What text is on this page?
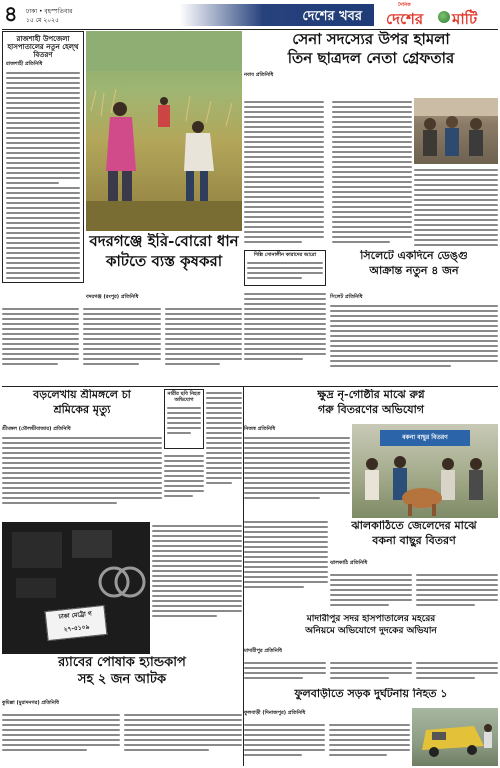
৪	ঢাকা • বৃহস্পতিবার
১৫ মে ২০২৫	দেশের খবর
দৈনিক
দেশের মাটি
রাজশাহী উপজেলা হাসপাতালের নতুন হেল্থ বিতরণ
রাজশাহী প্রতিনিধি
সেনা সদস্যের উপর হামলা
তিন ছাত্রদল নেতা গ্রেফতার
নবাব প্রতিনিধি
বদরগঞ্জে ইরি-বোরো ধান
কাটতে ব্যস্ত কৃষকরা	দিল্লি সোনালীন কারাদের আরো	সিলেটে একদিনে ডেঙ্গু
আক্রান্ত নতুন ৪ জন
সিলেট প্রতিনিধি
বদরগঞ্জ (রংপুর) প্রতিনিধি
বড়লেখায় শ্রীমঙ্গলে চা
শ্রমিকের মৃত্যু
শ্রীমঙ্গল (মৌলভীবাজার) প্রতিনিধি
নারীর ছবি নিহত অভিযোগ	ক্ষুদ্র নৃ-গোষ্ঠীর মাঝে রুগ্ন
গরু বিতরণের অভিযোগ
নিজস্ব প্রতিনিধি
বকনা বাছুর বিতরণ
ঝালকাঠিতে জেলেদের মাঝে
বকনা বাছুর বিতরণ
ঝালকাঠি প্রতিনিধি
ঢাকা মেট্রো গ
২৭-৫১০৯
মাদারীপুর সদর হাসপাতালের মহরের
অনিয়মে অভিযোগে দুদকের অভিযান
মাদারীপুর প্রতিনিধি
র‍্যাবের পোষাক হ্যান্ডকাপ
সহ ২ জন আটক
কুমিল্লা (মুরাদনগর) প্রতিনিধি
ফুলবাড়ীতে সড়ক দুর্ঘটনায় নিহত ১
ফুলবাড়ী (দিনাজপুর) প্রতিনিধি
